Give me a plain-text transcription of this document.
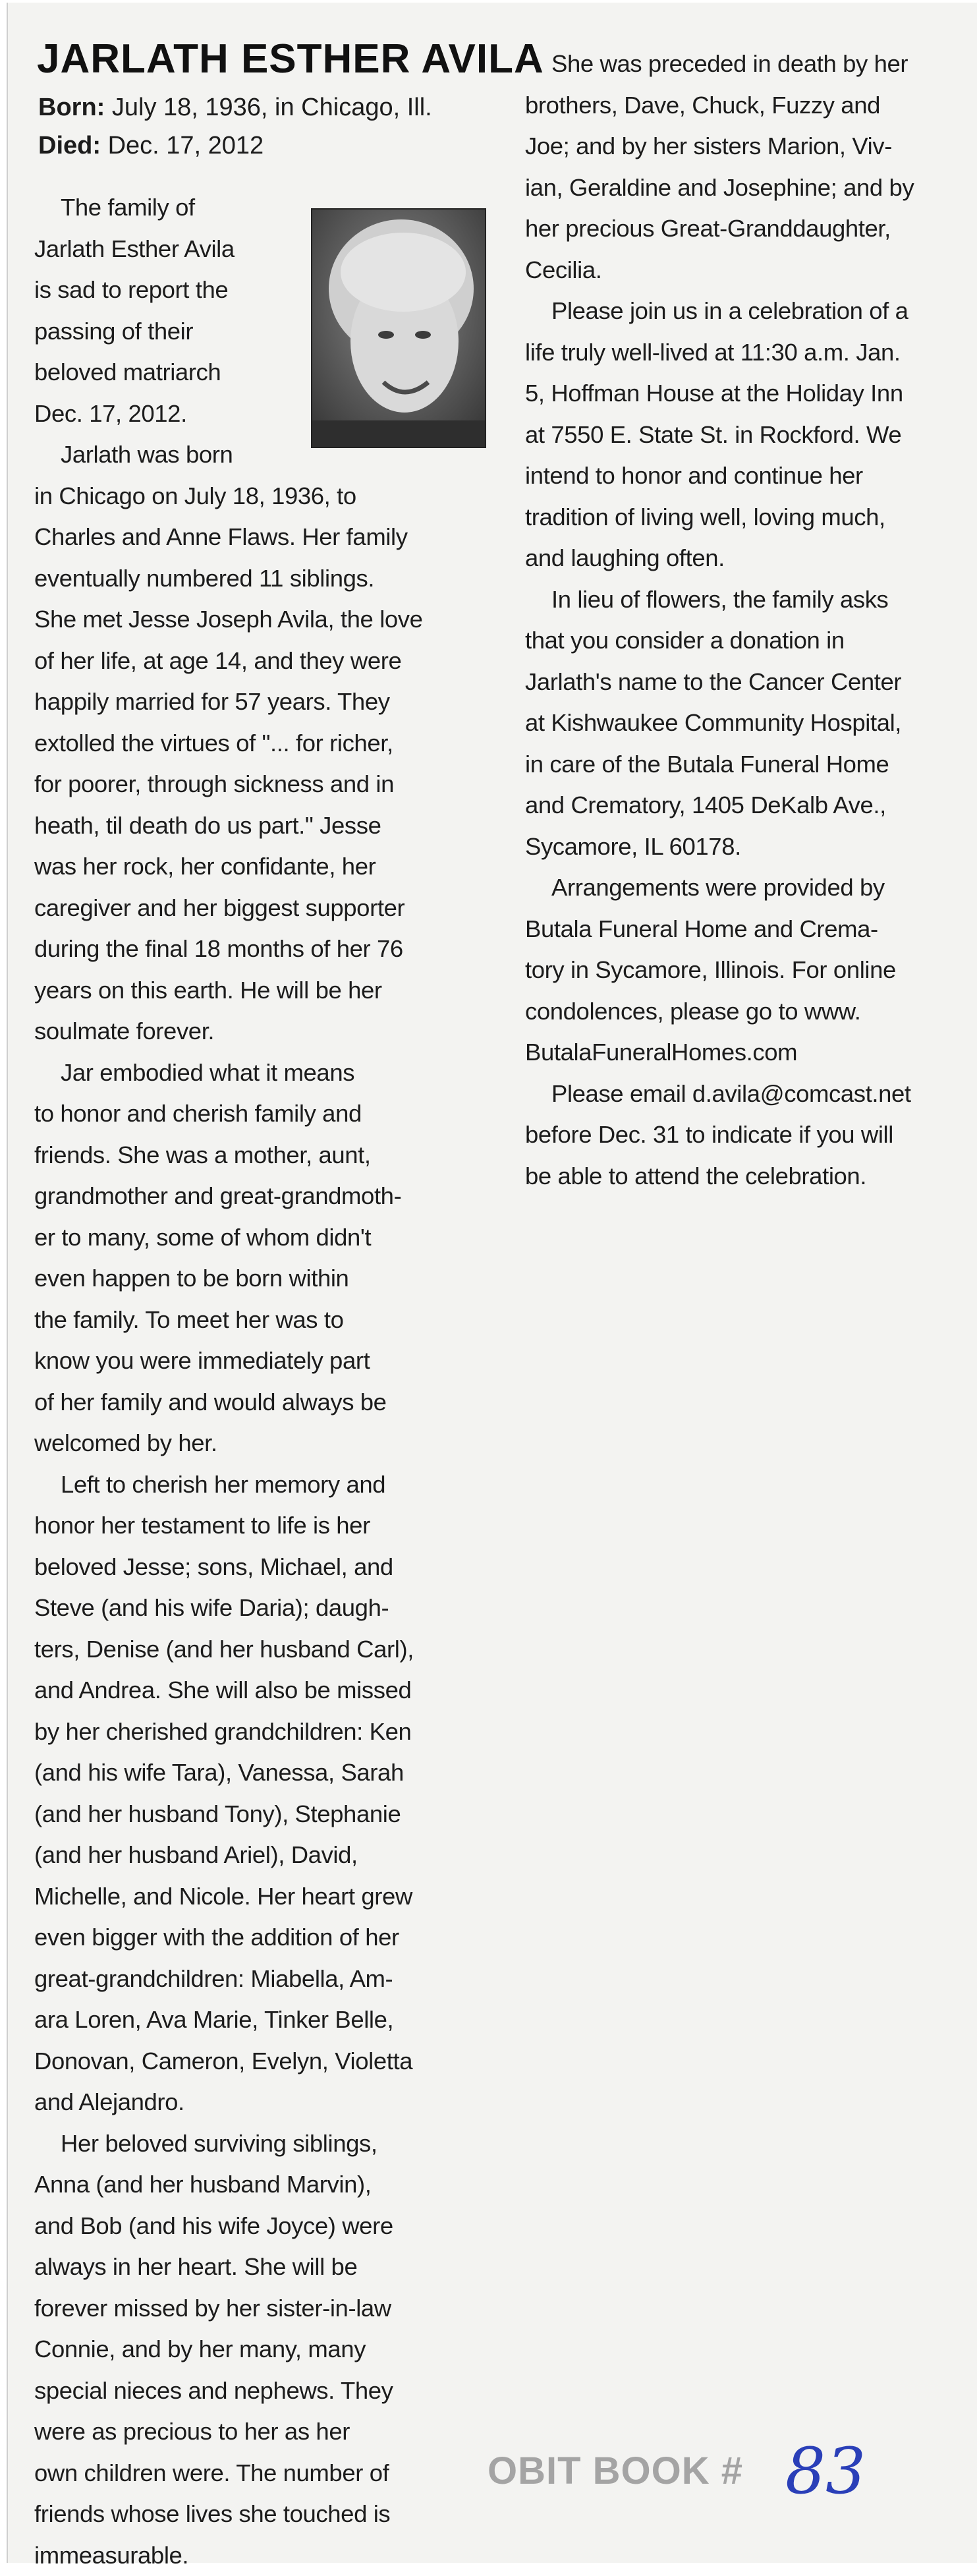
JARLATH ESTHER AVILA
Born: July 18, 1936, in Chicago, Ill.
Died: Dec. 17, 2012
The family of
Jarlath Esther Avila
is sad to report the
passing of their
beloved matriarch
Dec. 17, 2012.
Jarlath was born
in Chicago on July 18, 1936, to
Charles and Anne Flaws. Her family
eventually numbered 11 siblings.
She met Jesse Joseph Avila, the love
of her life, at age 14, and they were
happily married for 57 years. They
extolled the virtues of "... for richer,
for poorer, through sickness and in
heath, til death do us part." Jesse
was her rock, her confidante, her
caregiver and her biggest supporter
during the final 18 months of her 76
years on this earth. He will be her
soulmate forever.
Jar embodied what it means
to honor and cherish family and
friends. She was a mother, aunt,
grandmother and great-grandmoth-
er to many, some of whom didn't
even happen to be born within
the family. To meet her was to
know you were immediately part
of her family and would always be
welcomed by her.
Left to cherish her memory and
honor her testament to life is her
beloved Jesse; sons, Michael, and
Steve (and his wife Daria); daugh-
ters, Denise (and her husband Carl),
and Andrea. She will also be missed
by her cherished grandchildren: Ken
(and his wife Tara), Vanessa, Sarah
(and her husband Tony), Stephanie
(and her husband Ariel), David,
Michelle, and Nicole. Her heart grew
even bigger with the addition of her
great-grandchildren: Miabella, Am-
ara Loren, Ava Marie, Tinker Belle,
Donovan, Cameron, Evelyn, Violetta
and Alejandro.
Her beloved surviving siblings,
Anna (and her husband Marvin),
and Bob (and his wife Joyce) were
always in her heart. She will be
forever missed by her sister-in-law
Connie, and by her many, many
special nieces and nephews. They
were as precious to her as her
own children were. The number of
friends whose lives she touched is
immeasurable.
She was preceded in death by her
brothers, Dave, Chuck, Fuzzy and
Joe; and by her sisters Marion, Viv-
ian, Geraldine and Josephine; and by
her precious Great-Granddaughter,
Cecilia.
Please join us in a celebration of a
life truly well-lived at 11:30 a.m. Jan.
5, Hoffman House at the Holiday Inn
at 7550 E. State St. in Rockford. We
intend to honor and continue her
tradition of living well, loving much,
and laughing often.
In lieu of flowers, the family asks
that you consider a donation in
Jarlath's name to the Cancer Center
at Kishwaukee Community Hospital,
in care of the Butala Funeral Home
and Crematory, 1405 DeKalb Ave.,
Sycamore, IL 60178.
Arrangements were provided by
Butala Funeral Home and Crema-
tory in Sycamore, Illinois. For online
condolences, please go to www.
ButalaFuneralHomes.com
Please email d.avila@comcast.net
before Dec. 31 to indicate if you will
be able to attend the celebration.
OBIT BOOK # 83
